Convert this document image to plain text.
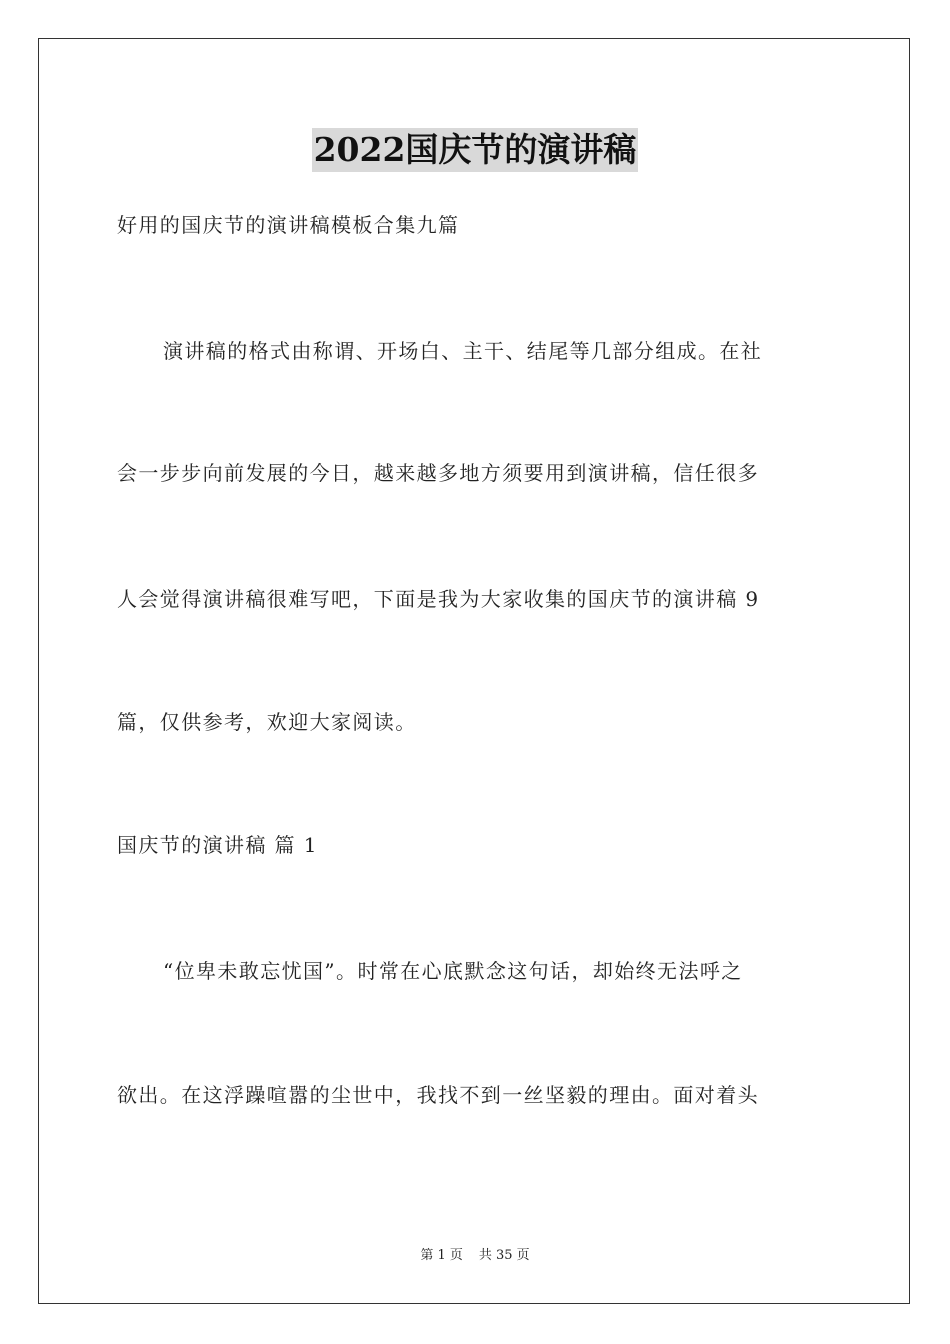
2022国庆节的演讲稿
好用的国庆节的演讲稿模板合集九篇
演讲稿的格式由称谓、开场白、主干、结尾等几部分组成。在社
会一步步向前发展的今日，越来越多地方须要用到演讲稿，信任很多
人会觉得演讲稿很难写吧，下面是我为大家收集的国庆节的演讲稿 9
篇，仅供参考，欢迎大家阅读。
国庆节的演讲稿 篇 1
“位卑未敢忘忧国”。时常在心底默念这句话，却始终无法呼之
欲出。在这浮躁喧嚣的尘世中，我找不到一丝坚毅的理由。面对着头
第 1 页 共 35 页
